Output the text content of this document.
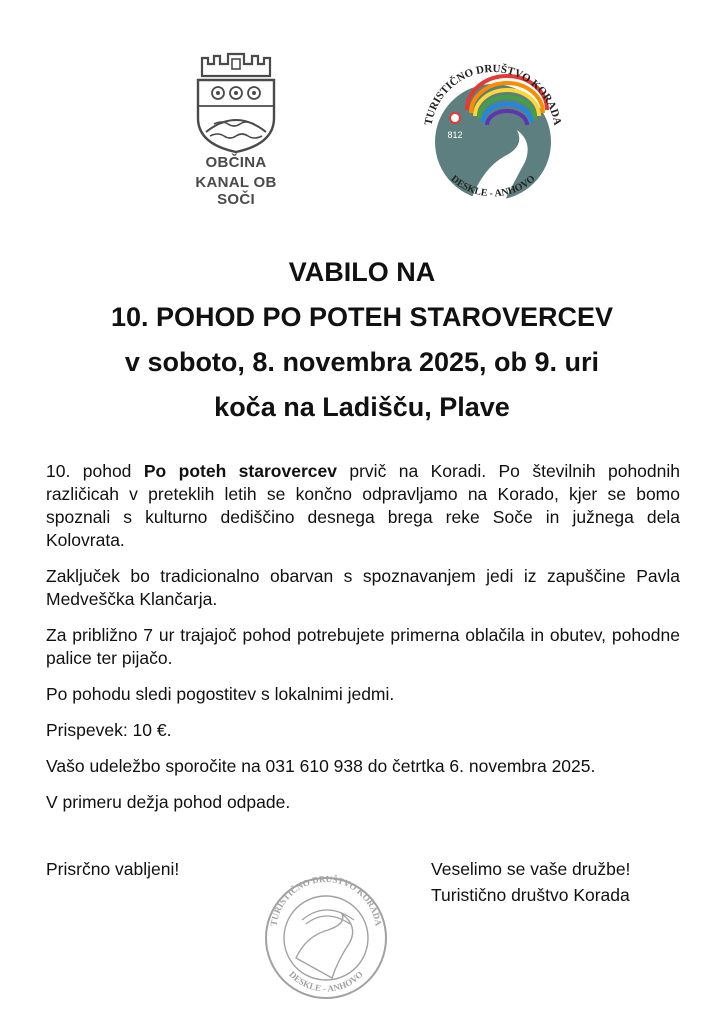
OBČINA
KANAL OB SOČI
812
TURISTIČNO DRUŠTVO KORADA
DESKLE - ANHOVO
VABILO NA
10. POHOD PO POTEH STAROVERCEV
v soboto, 8. novembra 2025, ob 9. uri
koča na Ladišču, Plave

10. pohod Po poteh starovercev prvič na Koradi. Po številnih pohodnih različicah v preteklih letih se končno odpravljamo na Korado, kjer se bomo spoznali s kulturno dediščino desnega brega reke Soče in južnega dela Kolovrata.

Zaključek bo tradicionalno obarvan s spoznavanjem jedi iz zapuščine Pavla Medveščka Klančarja.

Za približno 7 ur trajajoč pohod potrebujete primerna oblačila in obutev, pohodne palice ter pijačo.

Po pohodu sledi pogostitev s lokalnimi jedmi.

Prispevek: 10 €.

Vašo udeležbo sporočite na 031 610 938 do četrtka 6. novembra 2025.

V primeru dežja pohod odpade.

Prisrčno vabljeni!	Veselimo se vaše družbe!
Turistično društvo Korada
TURISTIČNO DRUŠTVO KORADA
DESKLE - ANHOVO
